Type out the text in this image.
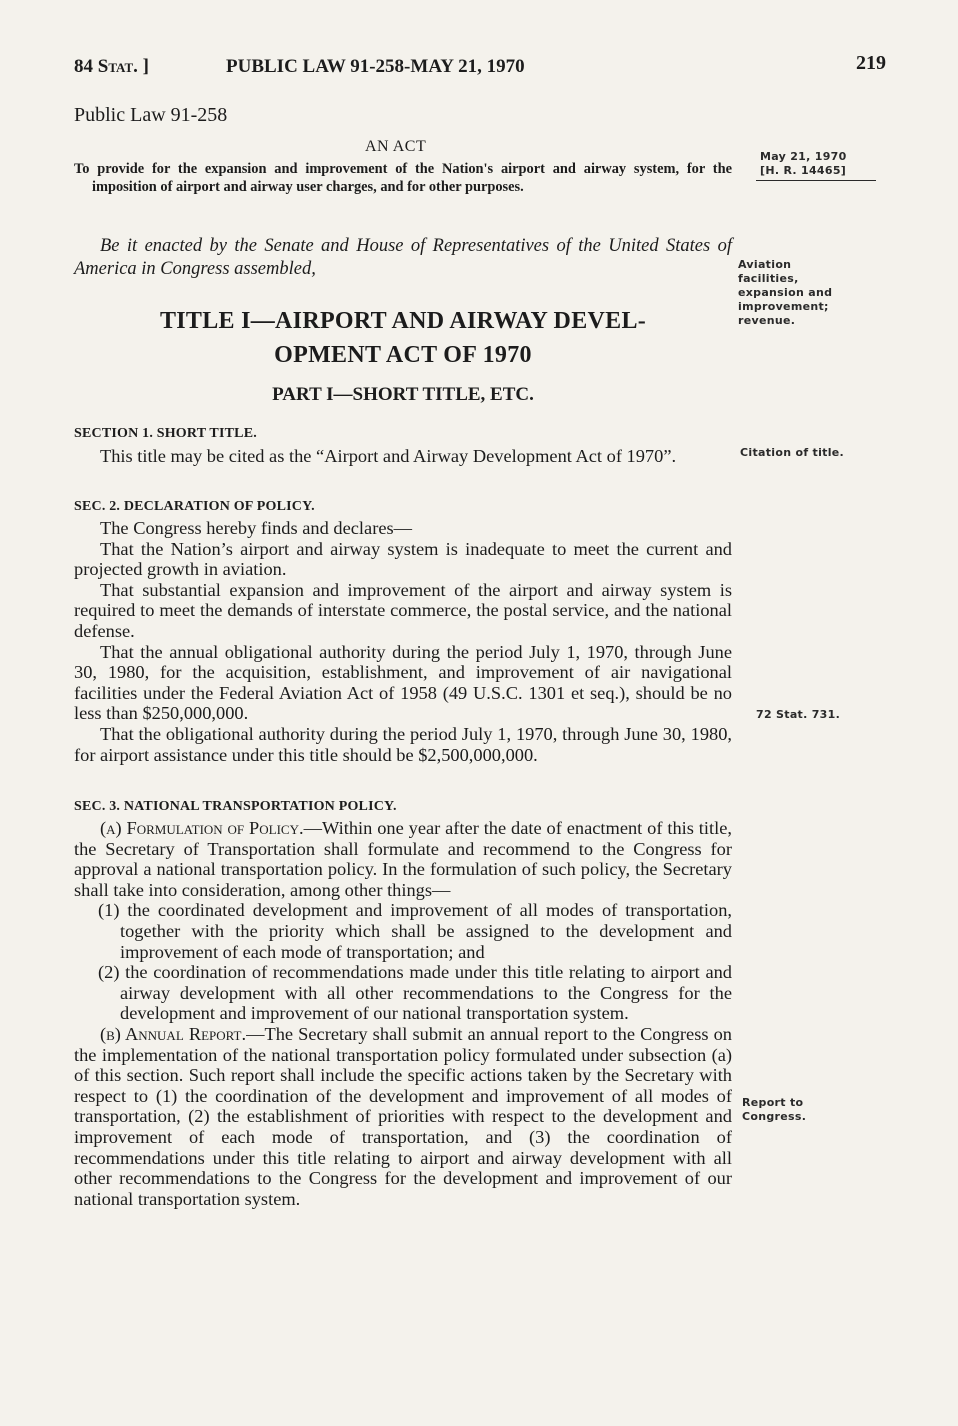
84 Stat. ]	PUBLIC LAW 91-258-MAY 21, 1970	219
Public Law 91-258
AN ACT
To provide for the expansion and improvement of the Nation's airport and airway system, for the imposition of airport and airway user charges, and for other purposes.
May 21, 1970
[H. R. 14465]

Be it enacted by the Senate and House of Representatives of the United States of America in Congress assembled,	Aviation facilities, expansion and improvement; revenue.
TITLE I—AIRPORT AND AIRWAY DEVEL-
OPMENT ACT OF 1970
PART I—SHORT TITLE, ETC.
SECTION 1. SHORT TITLE.

This title may be cited as the “Airport and Airway Development Act of 1970”.	Citation of title.
SEC. 2. DECLARATION OF POLICY.

The Congress hereby finds and declares—

That the Nation’s airport and airway system is inadequate to meet the current and projected growth in aviation.

That substantial expansion and improvement of the airport and airway system is required to meet the demands of interstate commerce, the postal service, and the national defense.

That the annual obligational authority during the period July 1, 1970, through June 30, 1980, for the acquisition, establishment, and improvement of air navigational facilities under the Federal Aviation Act of 1958 (49 U.S.C. 1301 et seq.), should be no less than $250,000,000.

That the obligational authority during the period July 1, 1970, through June 30, 1980, for airport assistance under this title should be $2,500,000,000.

72 Stat. 731.
SEC. 3. NATIONAL TRANSPORTATION POLICY.

(a) Formulation of Policy.—Within one year after the date of enactment of this title, the Secretary of Transportation shall formulate and recommend to the Congress for approval a national transportation policy. In the formulation of such policy, the Secretary shall take into consideration, among other things—

(1) the coordinated development and improvement of all modes of transportation, together with the priority which shall be assigned to the development and improvement of each mode of transportation; and

(2) the coordination of recommendations made under this title relating to airport and airway development with all other recommendations to the Congress for the development and improvement of our national transportation system.

(b) Annual Report.—The Secretary shall submit an annual report to the Congress on the implementation of the national transportation policy formulated under subsection (a) of this section. Such report shall include the specific actions taken by the Secretary with respect to (1) the coordination of the development and improvement of all modes of transportation, (2) the establishment of priorities with respect to the development and improvement of each mode of transportation, and (3) the coordination of recommendations under this title relating to airport and airway development with all other recommendations to the Congress for the development and improvement of our national transportation system.

Report to Congress.
